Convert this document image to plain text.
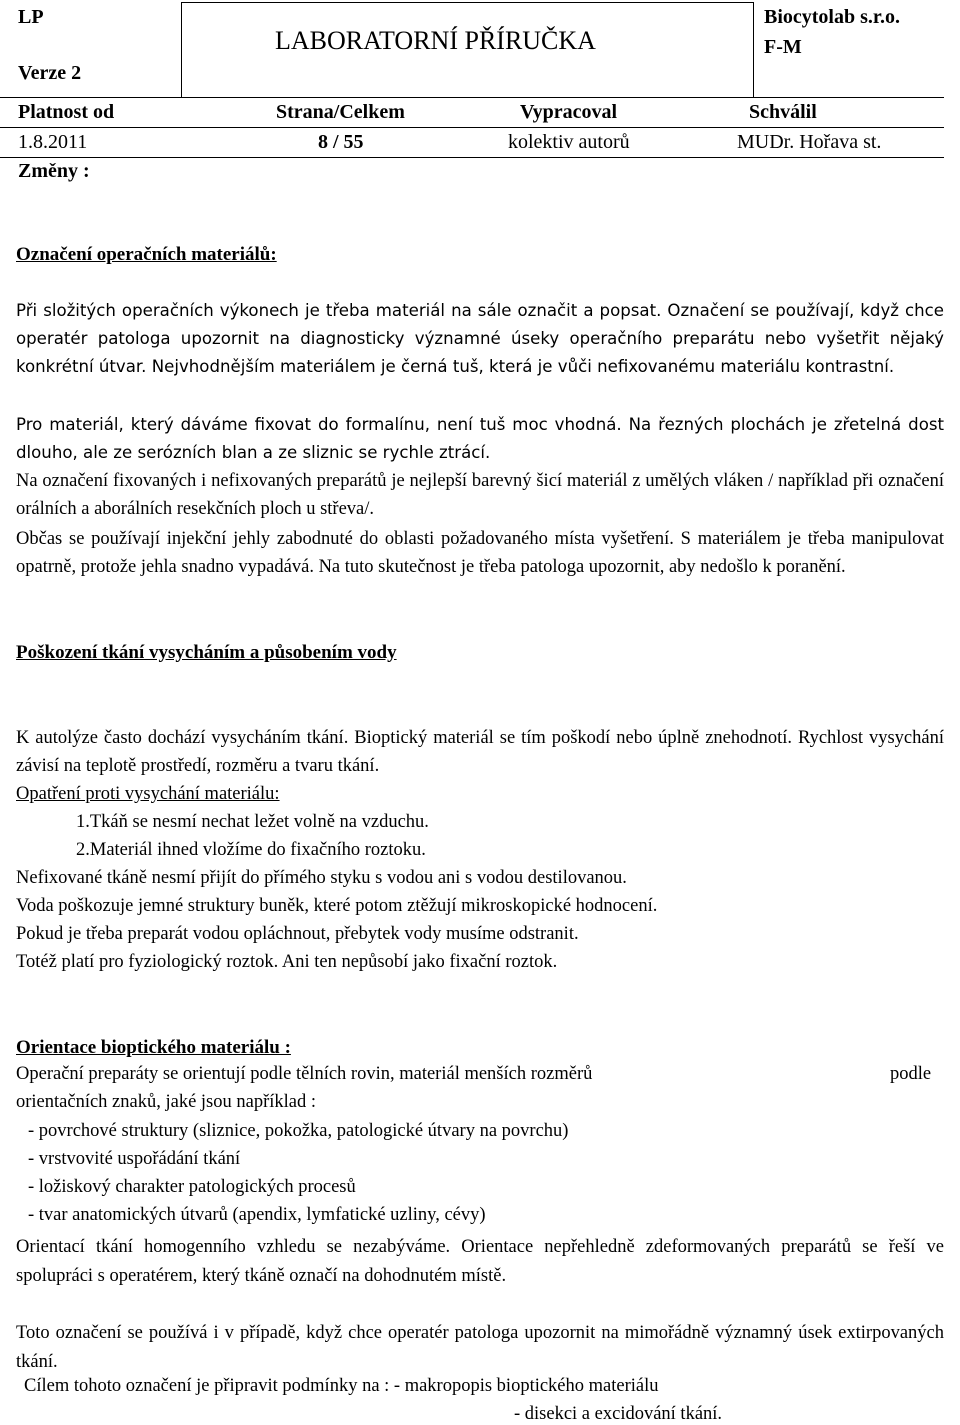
LP
Verze 2
LABORATORNÍ PŘÍRUČKA
Biocytolab s.r.o.
F-M
Platnost od	Strana/Celkem	Vypracoval	Schválil
1.8.2011	8 / 55	kolektiv autorů	MUDr. Hořava st.
Změny :
Označení operačních materiálů:
Při složitých operačních výkonech je třeba materiál na sále označit a popsat. Označení se používají, když chce operatér patologa upozornit na diagnosticky významné úseky operačního preparátu nebo vyšetřit nějaký konkrétní útvar. Nejvhodnějším materiálem je černá tuš, která je vůči nefixovanému materiálu kontrastní.
Pro materiál, který dáváme fixovat do formalínu, není tuš moc vhodná. Na řezných plochách je zřetelná dost dlouho, ale ze serózních blan a ze sliznic se rychle ztrácí.
Na označení fixovaných i nefixovaných preparátů je nejlepší barevný šicí materiál z umělých vláken / například při označení orálních a aborálních resekčních ploch u střeva/.
Občas se používají injekční jehly zabodnuté do oblasti požadovaného místa vyšetření. S materiálem je třeba manipulovat opatrně, protože jehla snadno vypadává. Na tuto skutečnost je třeba patologa upozornit, aby nedošlo k poranění.
Poškození tkání vysycháním a působením vody
K autolýze často dochází vysycháním tkání. Bioptický materiál se tím poškodí nebo úplně znehodnotí. Rychlost vysychání závisí na teplotě prostředí, rozměru a tvaru tkání.
Opatření proti vysychání materiálu:
1.Tkáň se nesmí nechat ležet volně na vzduchu.
2.Materiál ihned vložíme do fixačního roztoku.
Nefixované tkáně nesmí přijít do přímého styku s vodou ani s vodou destilovanou.
Voda poškozuje jemné struktury buněk, které potom ztěžují mikroskopické hodnocení.
Pokud je třeba preparát vodou opláchnout, přebytek vody musíme odstranit.
Totéž platí pro fyziologický roztok. Ani ten nepůsobí jako fixační roztok.
Orientace bioptického materiálu :
Operační preparáty se orientují podle tělních rovin, materiál menších rozměrů	podle
orientačních znaků, jaké jsou například :
- povrchové struktury (sliznice, pokožka, patologické útvary na povrchu)
- vrstvovité uspořádání tkání
- ložiskový charakter patologických procesů
- tvar anatomických útvarů (apendix, lymfatické uzliny, cévy)
Orientací tkání homogenního vzhledu se nezabýváme. Orientace nepřehledně zdeformovaných preparátů se řeší ve spolupráci s operatérem, který tkáně označí na dohodnutém místě.
Toto označení se používá i v případě, když chce operatér patologa upozornit na mimořádně významný úsek extirpovaných tkání.
Cílem tohoto označení je připravit podmínky na : - makropopis bioptického materiálu
- disekci a excidování tkání.
